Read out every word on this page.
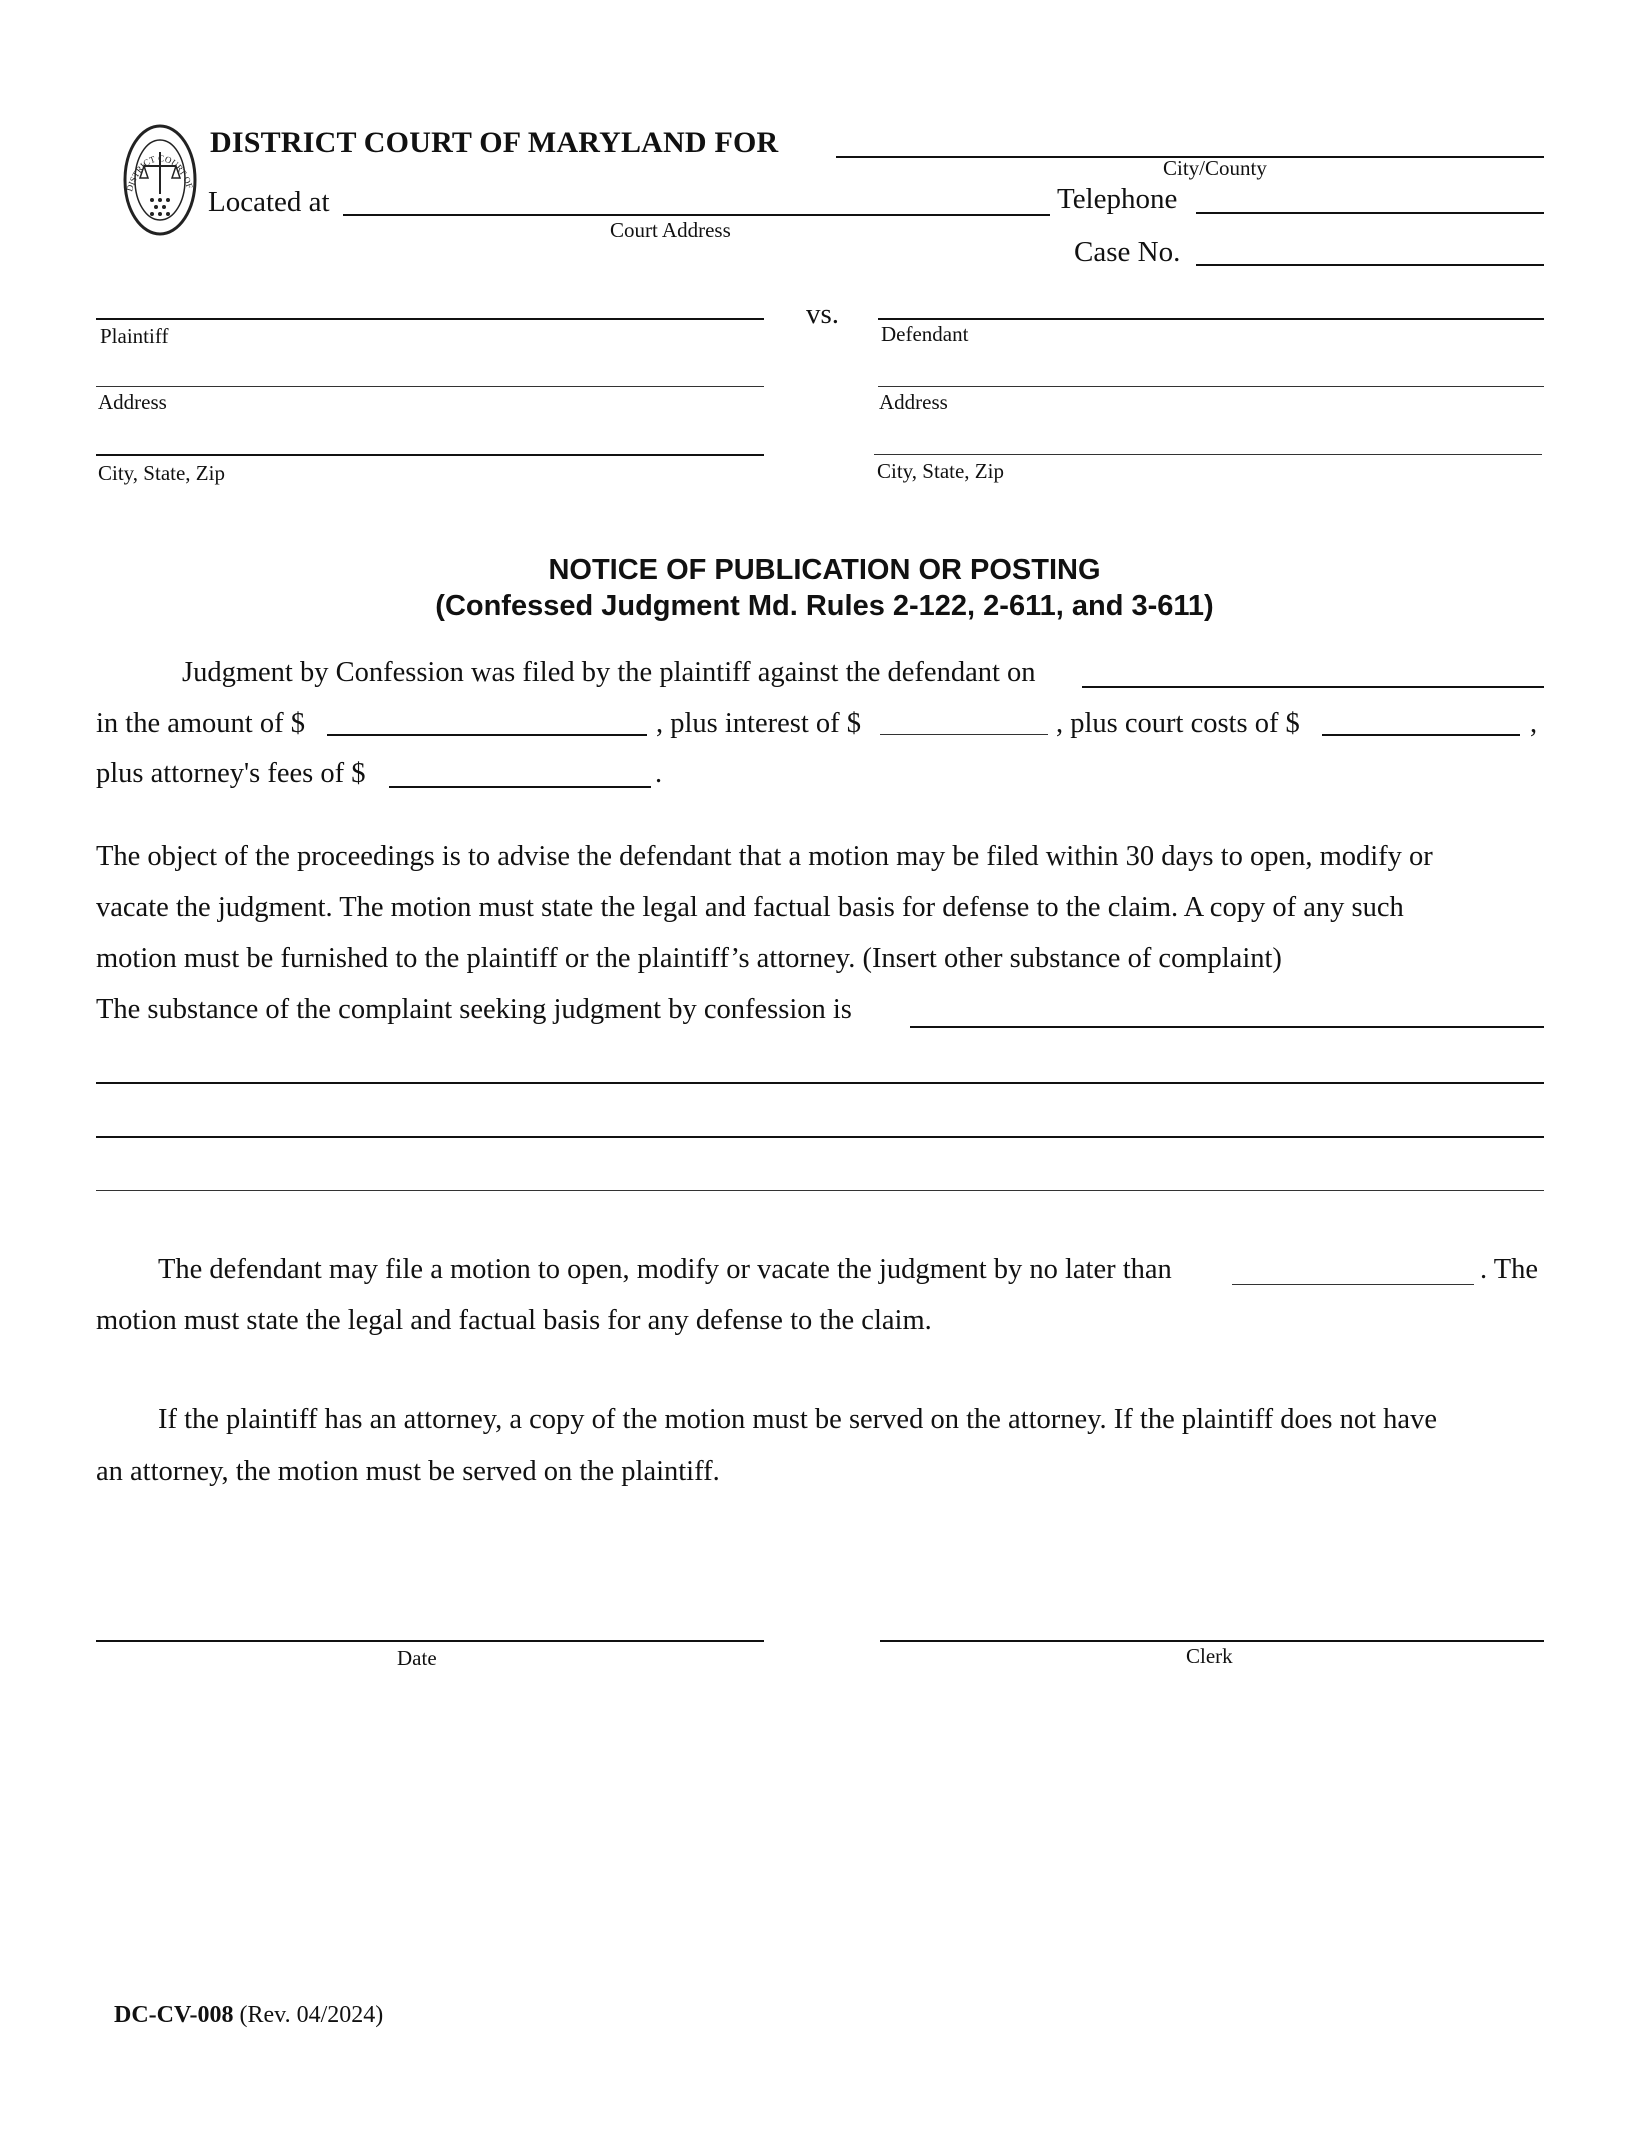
DISTRICT COURT OF
DISTRICT COURT OF MARYLAND FOR
City/County
Located at
Court Address
Telephone
Case No.
Plaintiff
vs.
Defendant
Address	Address
City, State, Zip	City, State, Zip
NOTICE OF PUBLICATION OR POSTING
(Confessed Judgment Md. Rules 2-122, 2-611, and 3-611)
Judgment by Confession was filed by the plaintiff against the defendant on
in the amount of $	, plus interest of $	, plus court costs of $	,
plus attorney's fees of $	.
The object of the proceedings is to advise the defendant that a motion may be filed within 30 days to open, modify or
vacate the judgment. The motion must state the legal and factual basis for defense to the claim. A copy of any such
motion must be furnished to the plaintiff or the plaintiff’s attorney. (Insert other substance of complaint)
The substance of the complaint seeking judgment by confession is
The defendant may file a motion to open, modify or vacate the judgment by no later than	. The
motion must state the legal and factual basis for any defense to the claim.
If the plaintiff has an attorney, a copy of the motion must be served on the attorney. If the plaintiff does not have
an attorney, the motion must be served on the plaintiff.
Date	Clerk
DC-CV-008 (Rev. 04/2024)
